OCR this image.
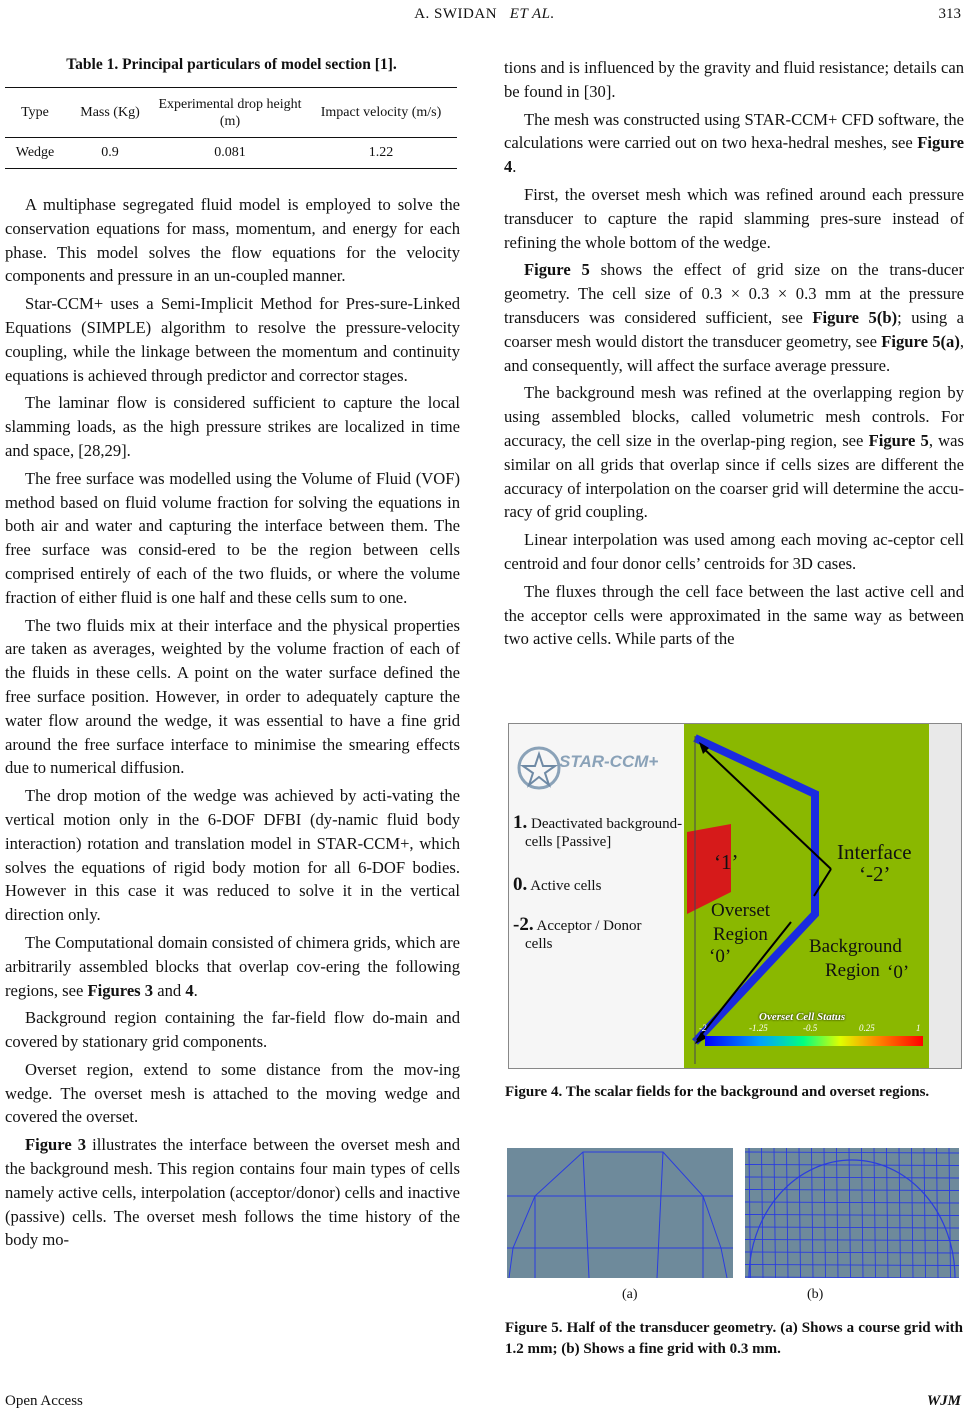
A. SWIDAN ET AL.	313
Table 1. Principal particulars of model section [1].
Type	Mass (Kg)	Experimental drop height (m)	Impact velocity (m/s)
Wedge	0.9	0.081	1.22

A multiphase segregated fluid model is employed to solve the conservation equations for mass, momentum, and energy for each phase. This model solves the flow equations for the velocity components and pressure in an un-coupled manner.

Star-CCM+ uses a Semi-Implicit Method for Pres-sure-Linked Equations (SIMPLE) algorithm to resolve the pressure-velocity coupling, while the linkage between the momentum and continuity equations is achieved through predictor and corrector stages.

The laminar flow is considered sufficient to capture the local slamming loads, as the high pressure strikes are localized in time and space, [28,29].

The free surface was modelled using the Volume of Fluid (VOF) method based on fluid volume fraction for solving the equations in both air and water and capturing the interface between them. The free surface was consid-ered to be the region between cells comprised entirely of each of the two fluids, or where the volume fraction of either fluid is one half and these cells sum to one.

The two fluids mix at their interface and the physical properties are taken as averages, weighted by the volume fraction of each of the fluids in these cells. A point on the water surface defined the free surface position. However, in order to adequately capture the water flow around the wedge, it was essential to have a fine grid around the free surface interface to minimise the smearing effects due to numerical diffusion.

The drop motion of the wedge was achieved by acti-vating the vertical motion only in the 6-DOF DFBI (dy-namic fluid body interaction) rotation and translation model in STAR-CCM+, which solves the equations of rigid body motion for all 6-DOF bodies. However in this case it was reduced to solve it in the vertical direction only.

The Computational domain consisted of chimera grids, which are arbitrarily assembled blocks that overlap cov-ering the following regions, see Figures 3 and 4.

Background region containing the far-field flow do-main and covered by stationary grid components.

Overset region, extend to some distance from the mov-ing wedge. The overset mesh is attached to the moving wedge and covered the overset.

Figure 3 illustrates the interface between the overset mesh and the background mesh. This region contains four main types of cells namely active cells, interpolation (acceptor/donor) cells and inactive (passive) cells. The overset mesh follows the time history of the body mo-

tions and is influenced by the gravity and fluid resistance; details can be found in [30].

The mesh was constructed using STAR-CCM+ CFD software, the calculations were carried out on two hexa-hedral meshes, see Figure 4.

First, the overset mesh which was refined around each pressure transducer to capture the rapid slamming pres-sure instead of refining the whole bottom of the wedge.

Figure 5 shows the effect of grid size on the trans-ducer geometry. The cell size of 0.3 × 0.3 × 0.3 mm at the pressure transducers was considered sufficient, see Figure 5(b); using a coarser mesh would distort the transducer geometry, see Figure 5(a), and consequently, will affect the surface average pressure.

The background mesh was refined at the overlapping region by using assembled blocks, called volumetric mesh controls. For accuracy, the cell size in the overlap-ping region, see Figure 5, was similar on all grids that overlap since if cells sizes are different the accuracy of interpolation on the coarser grid will determine the accu-racy of grid coupling.

Linear interpolation was used among each moving ac-ceptor cell centroid and four donor cells’ centroids for 3D cases.

The fluxes through the cell face between the last active cell and the acceptor cells were approximated in the same way as between two active cells. While parts of the

STAR-CCM+
1. Deactivated background-
cells [Passive]
0. Active cells
-2. Acceptor / Donor
cells
‘1’	Interface
‘-2’
Overset
Region
‘0’	Background
Region ‘0’
Overset Cell Status
-2	-1.25	-0.5	0.25	1
Figure 4. The scalar fields for the background and overset regions.
(a)	(b)
Figure 5. Half of the transducer geometry. (a) Shows a course grid with 1.2 mm; (b) Shows a fine grid with 0.3 mm.
Open Access	WJM
